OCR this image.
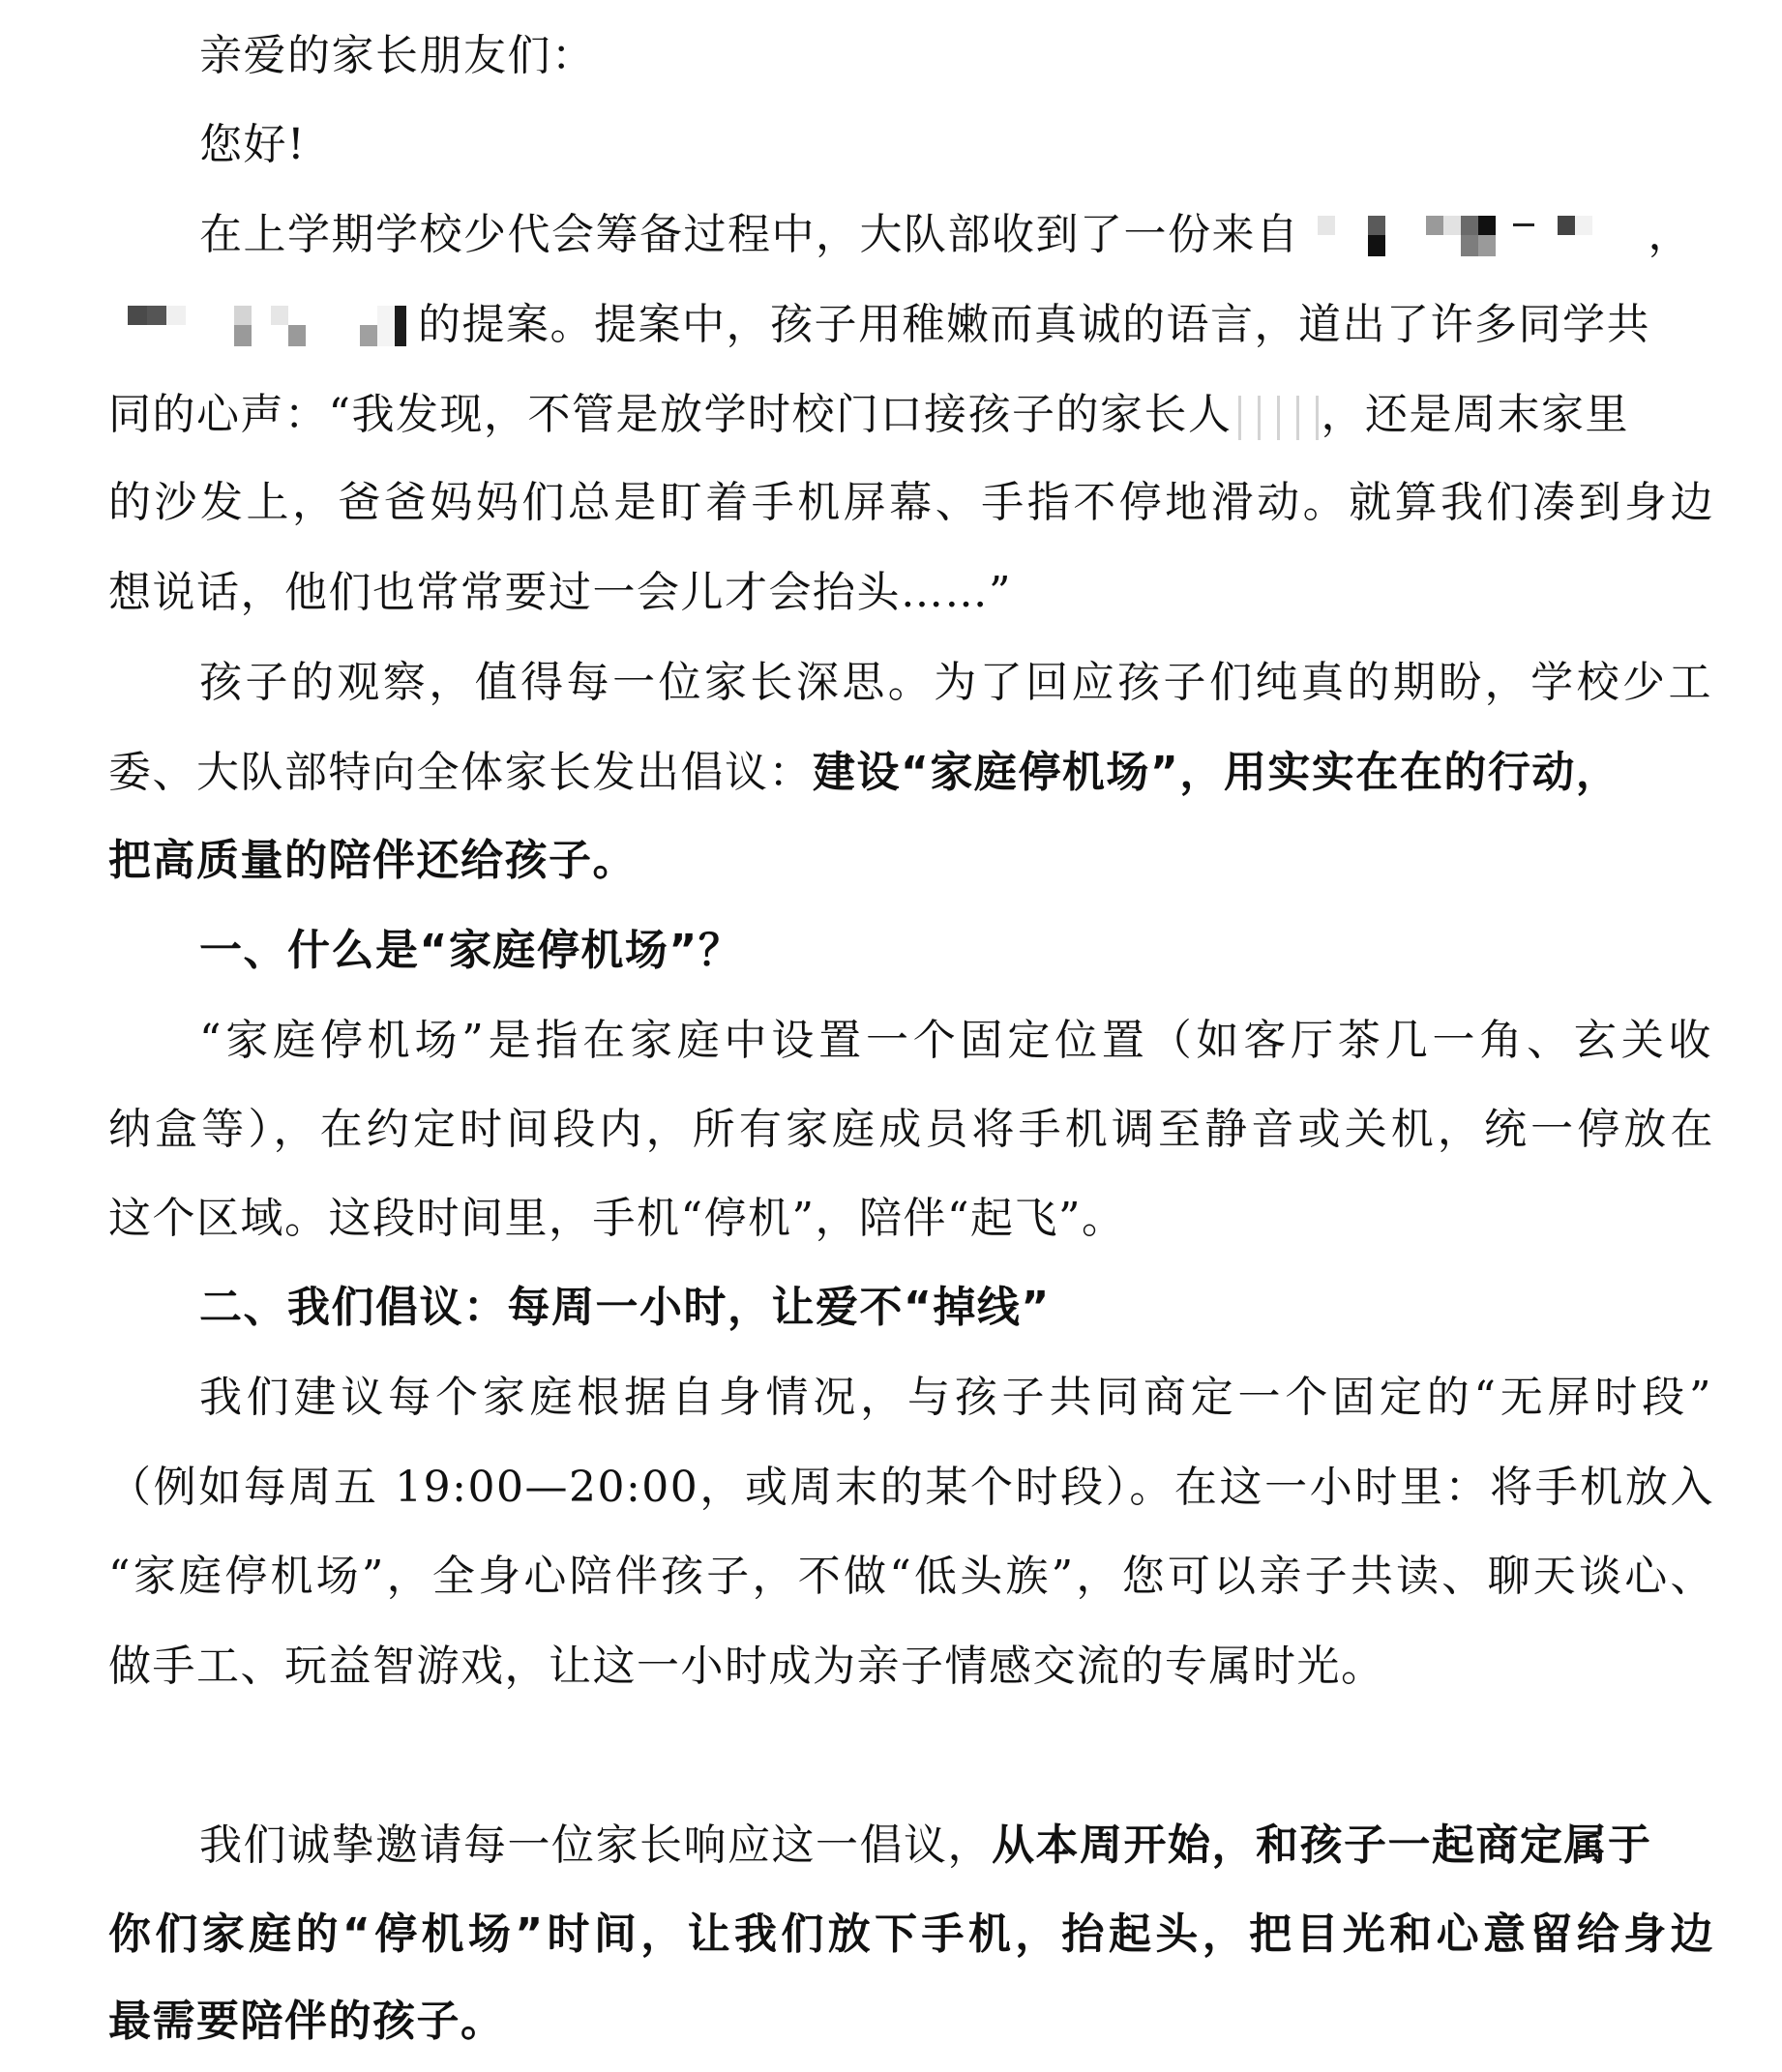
亲爱的家长朋友们：
您好!
在上学期学校少代会筹备过程中，大队部收到了一份来自	，
的提案。提案中，孩子用稚嫩而真诚的语言，道出了许多同学共
同的心声：“我发现，不管是放学时校门口接孩子的家长人 ，还是周末家里
的沙发上，爸爸妈妈们总是盯着手机屏幕、手指不停地滑动。就算我们凑到身边
想说话，他们也常常要过一会儿才会抬头……”
孩子的观察，值得每一位家长深思。为了回应孩子们纯真的期盼，学校少工
委、大队部特向全体家长发出倡议：建设“家庭停机场”，用实实在在的行动，
把高质量的陪伴还给孩子。
一、什么是“家庭停机场”？
“家庭停机场”是指在家庭中设置一个固定位置（如客厅茶几一角、玄关收
纳盒等），在约定时间段内，所有家庭成员将手机调至静音或关机，统一停放在
这个区域。这段时间里，手机“停机”，陪伴“起飞”。
二、我们倡议：每周一小时，让爱不“掉线”
我们建议每个家庭根据自身情况，与孩子共同商定一个固定的“无屏时段”
（例如每周五 19:00—20:00，或周末的某个时段）。在这一小时里：将手机放入
“家庭停机场”，全身心陪伴孩子，不做“低头族”，您可以亲子共读、聊天谈心、
做手工、玩益智游戏，让这一小时成为亲子情感交流的专属时光。
我们诚挚邀请每一位家长响应这一倡议，从本周开始，和孩子一起商定属于
你们家庭的“停机场”时间，让我们放下手机，抬起头，把目光和心意留给身边
最需要陪伴的孩子。
